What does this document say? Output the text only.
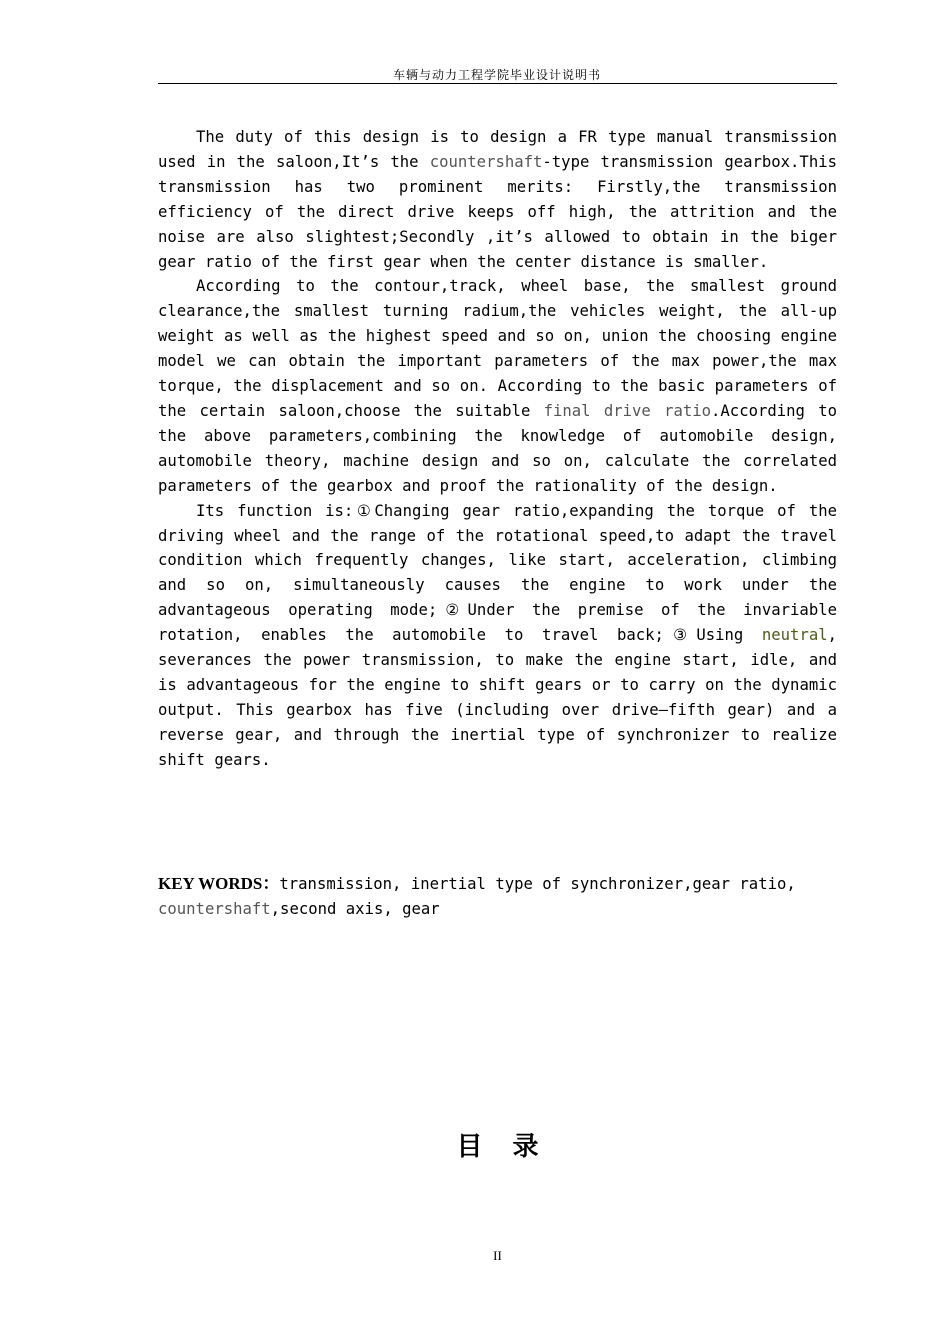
车辆与动力工程学院毕业设计说明书

The duty of this design is to design a FR type manual transmission used in the saloon,It’s the countershaft-type transmission gearbox.This transmission has two prominent merits: Firstly,the transmission efficiency of the direct drive keeps off high, the attrition and the noise are also slightest;Secondly ,it’s allowed to obtain in the biger gear ratio of the first gear when the center distance is smaller.

According to the contour,track, wheel base, the smallest ground clearance,the smallest turning radium,the vehicles weight, the all-up weight as well as the highest speed and so on, union the choosing engine model we can obtain the important parameters of the max power,the max torque, the displacement and so on. According to the basic parameters of the certain saloon,choose the suitable final drive ratio.According to the above parameters,combining the knowledge of automobile design, automobile theory, machine design and so on, calculate the correlated parameters of the gearbox and proof the rationality of the design.

Its function is:①Changing gear ratio,expanding the torque of the driving wheel and the range of the rotational speed,to adapt the travel condition which frequently changes, like start, acceleration, climbing and so on, simultaneously causes the engine to work under the advantageous operating mode;②Under the premise of the invariable rotation, enables the automobile to travel back;③Using neutral, severances the power transmission, to make the engine start, idle, and is advantageous for the engine to shift gears or to carry on the dynamic output. This gearbox has five (including over drive—fifth gear) and a reverse gear, and through the inertial type of synchronizer to realize shift gears.

KEY WORDS：transmission, inertial type of synchronizer,gear ratio, countershaft,second axis, gear
目录
II
